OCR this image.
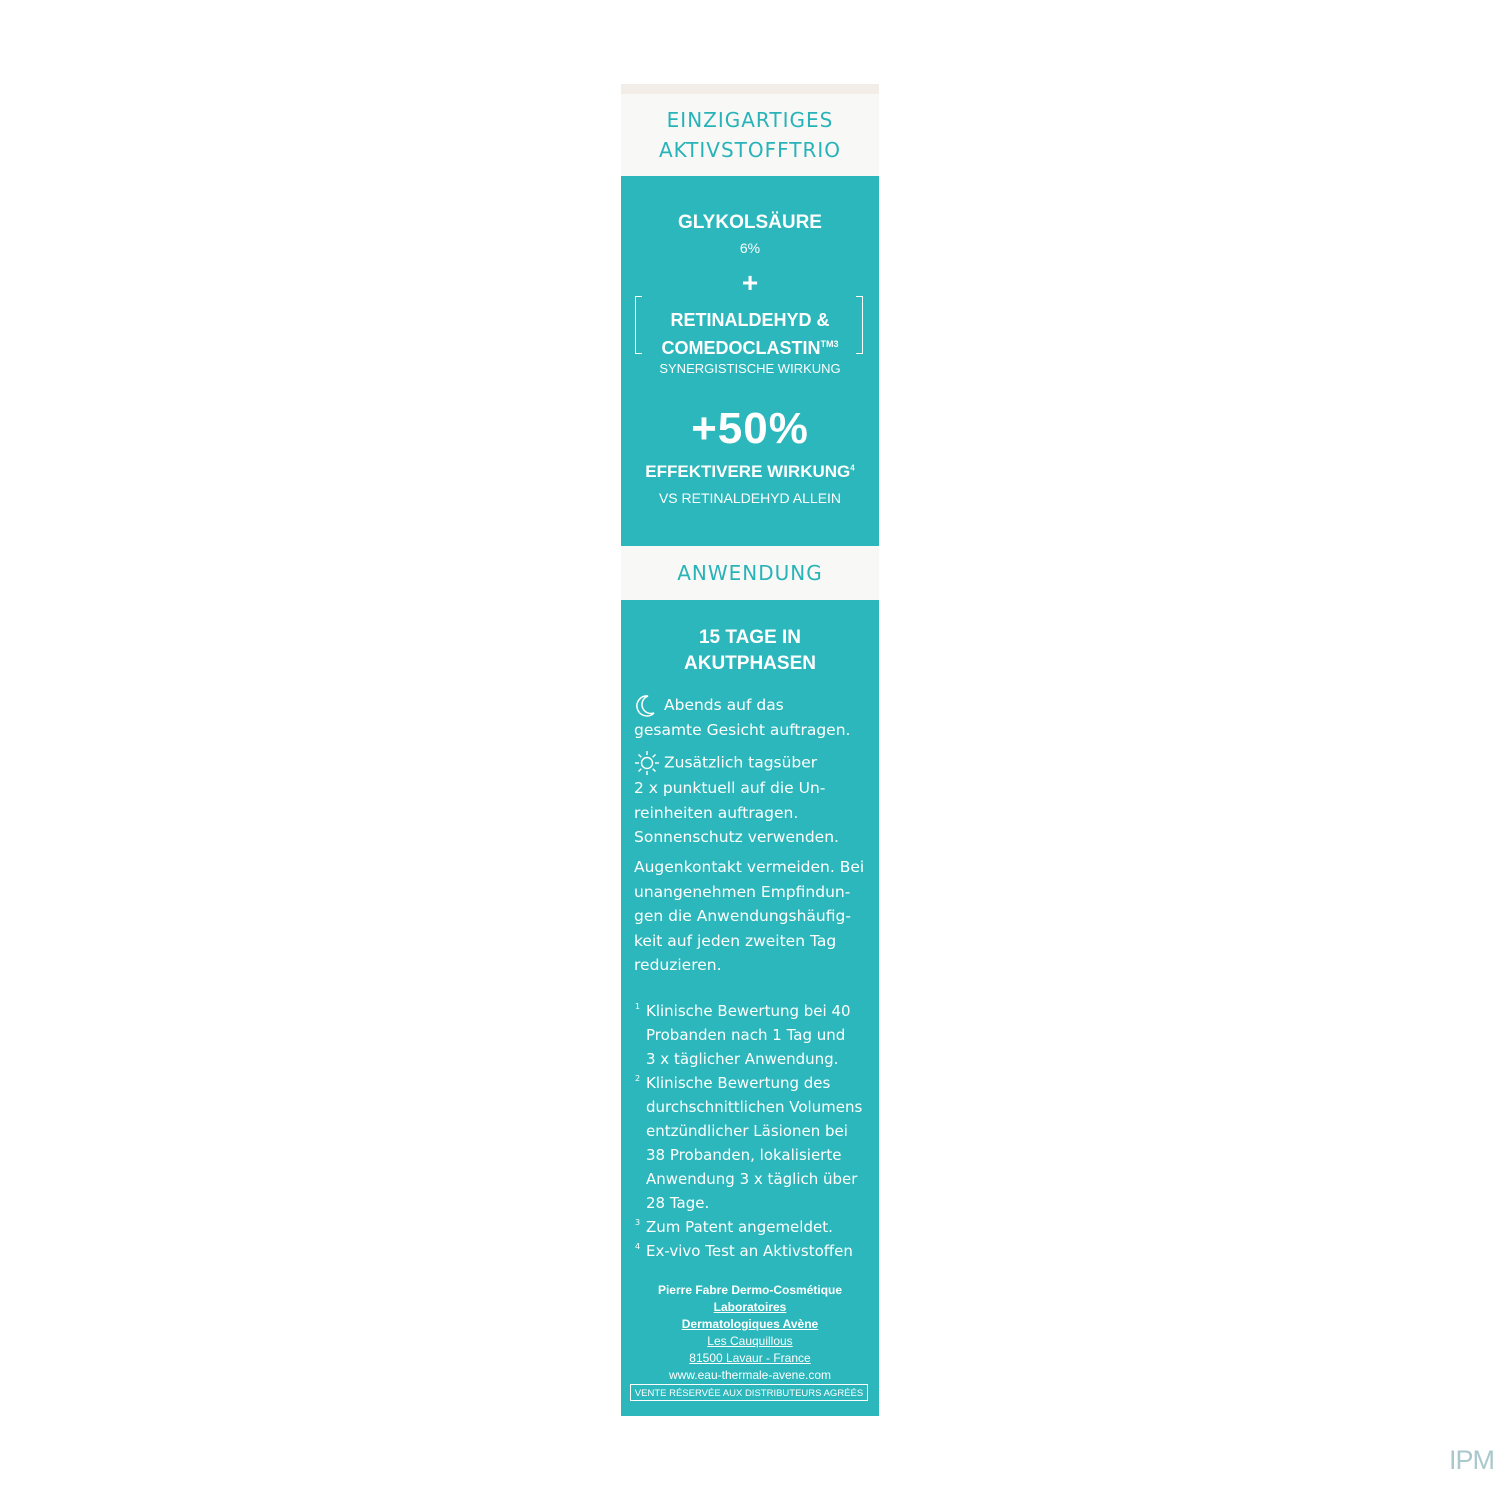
EINZIGARTIGES
AKTIVSTOFFTRIO
GLYKOLSÄURE
6%
+
RETINALDEHYD &
$COMEDOCLASTIN^{TM3}$
SYNERGISTISCHE WIRKUNG
+50%
EFFEKTIVERE WIRKUNG$^4$
VS RETINALDEHYD ALLEIN
ANWENDUNG
15 TAGE IN
AKUTPHASEN
Abends auf das
gesamte Gesicht auftragen.
Zusätzlich tagsüber
2 x punktuell auf die Un-
reinheiten auftragen.
Sonnenschutz verwenden.
Augenkontakt vermeiden. Bei
unangenehmen Empfindun-
gen die Anwendungshäufig-
keit auf jeden zweiten Tag
reduzieren.
1 Klinische Bewertung bei 40
Probanden nach 1 Tag und
3 x täglicher Anwendung.
2 Klinische Bewertung des
durchschnittlichen Volumens
entzündlicher Läsionen bei
38 Probanden, lokalisierte
Anwendung 3 x täglich über
28 Tage.
3 Zum Patent angemeldet.
4 Ex-vivo Test an Aktivstoffen
Pierre Fabre Dermo-Cosmétique
Laboratoires
Dermatologiques Avène
Les Cauquillous
81500 Lavaur - France
www.eau-thermale-avene.com
VENTE RÉSERVÉE AUX DISTRIBUTEURS AGRÉÉS
IPM
